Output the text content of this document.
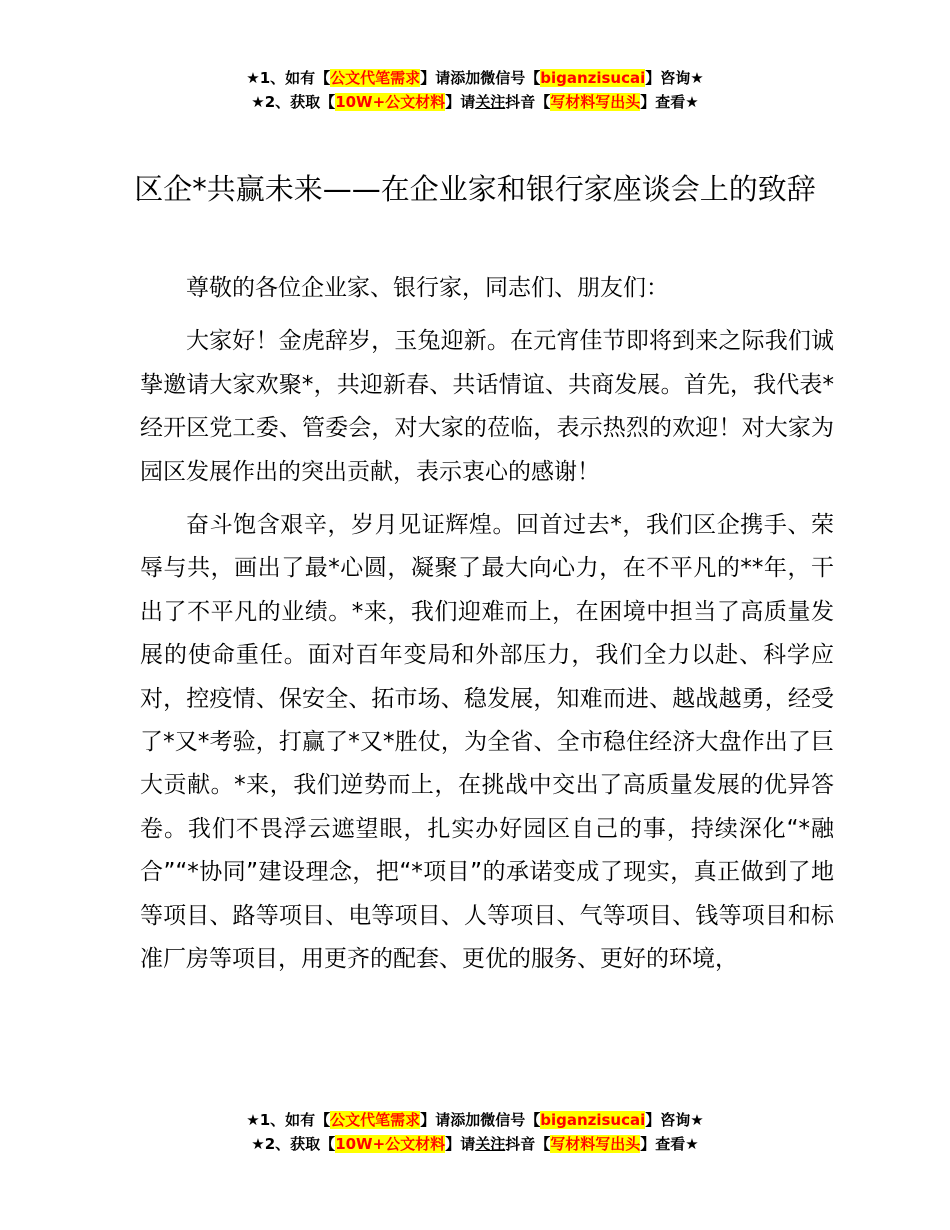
★1、如有【公文代笔需求】请添加微信号【biganzisucai】咨询★
★2、获取【10W+公文材料】请关注抖音【写材料写出头】查看★
区企*共赢未来——在企业家和银行家座谈会上的致辞

尊敬的各位企业家、银行家，同志们、朋友们：

大家好！金虎辞岁，玉兔迎新。在元宵佳节即将到来之际我们诚挚邀请大家欢聚*，共迎新春、共话情谊、共商发展。首先，我代表*经开区党工委、管委会，对大家的莅临，表示热烈的欢迎！对大家为园区发展作出的突出贡献，表示衷心的感谢！

奋斗饱含艰辛，岁月见证辉煌。回首过去*，我们区企携手、荣辱与共，画出了最*心圆，凝聚了最大向心力，在不平凡的**年，干出了不平凡的业绩。*来，我们迎难而上，在困境中担当了高质量发展的使命重任。面对百年变局和外部压力，我们全力以赴、科学应对，控疫情、保安全、拓市场、稳发展，知难而进、越战越勇，经受了*又*考验，打赢了*又*胜仗，为全省、全市稳住经济大盘作出了巨大贡献。*来，我们逆势而上，在挑战中交出了高质量发展的优异答卷。我们不畏浮云遮望眼，扎实办好园区自己的事，持续深化“*融合”“*协同”建设理念，把“*项目”的承诺变成了现实，真正做到了地等项目、路等项目、电等项目、人等项目、气等项目、钱等项目和标准厂房等项目，用更齐的配套、更优的服务、更好的环境，

★1、如有【公文代笔需求】请添加微信号【biganzisucai】咨询★
★2、获取【10W+公文材料】请关注抖音【写材料写出头】查看★
